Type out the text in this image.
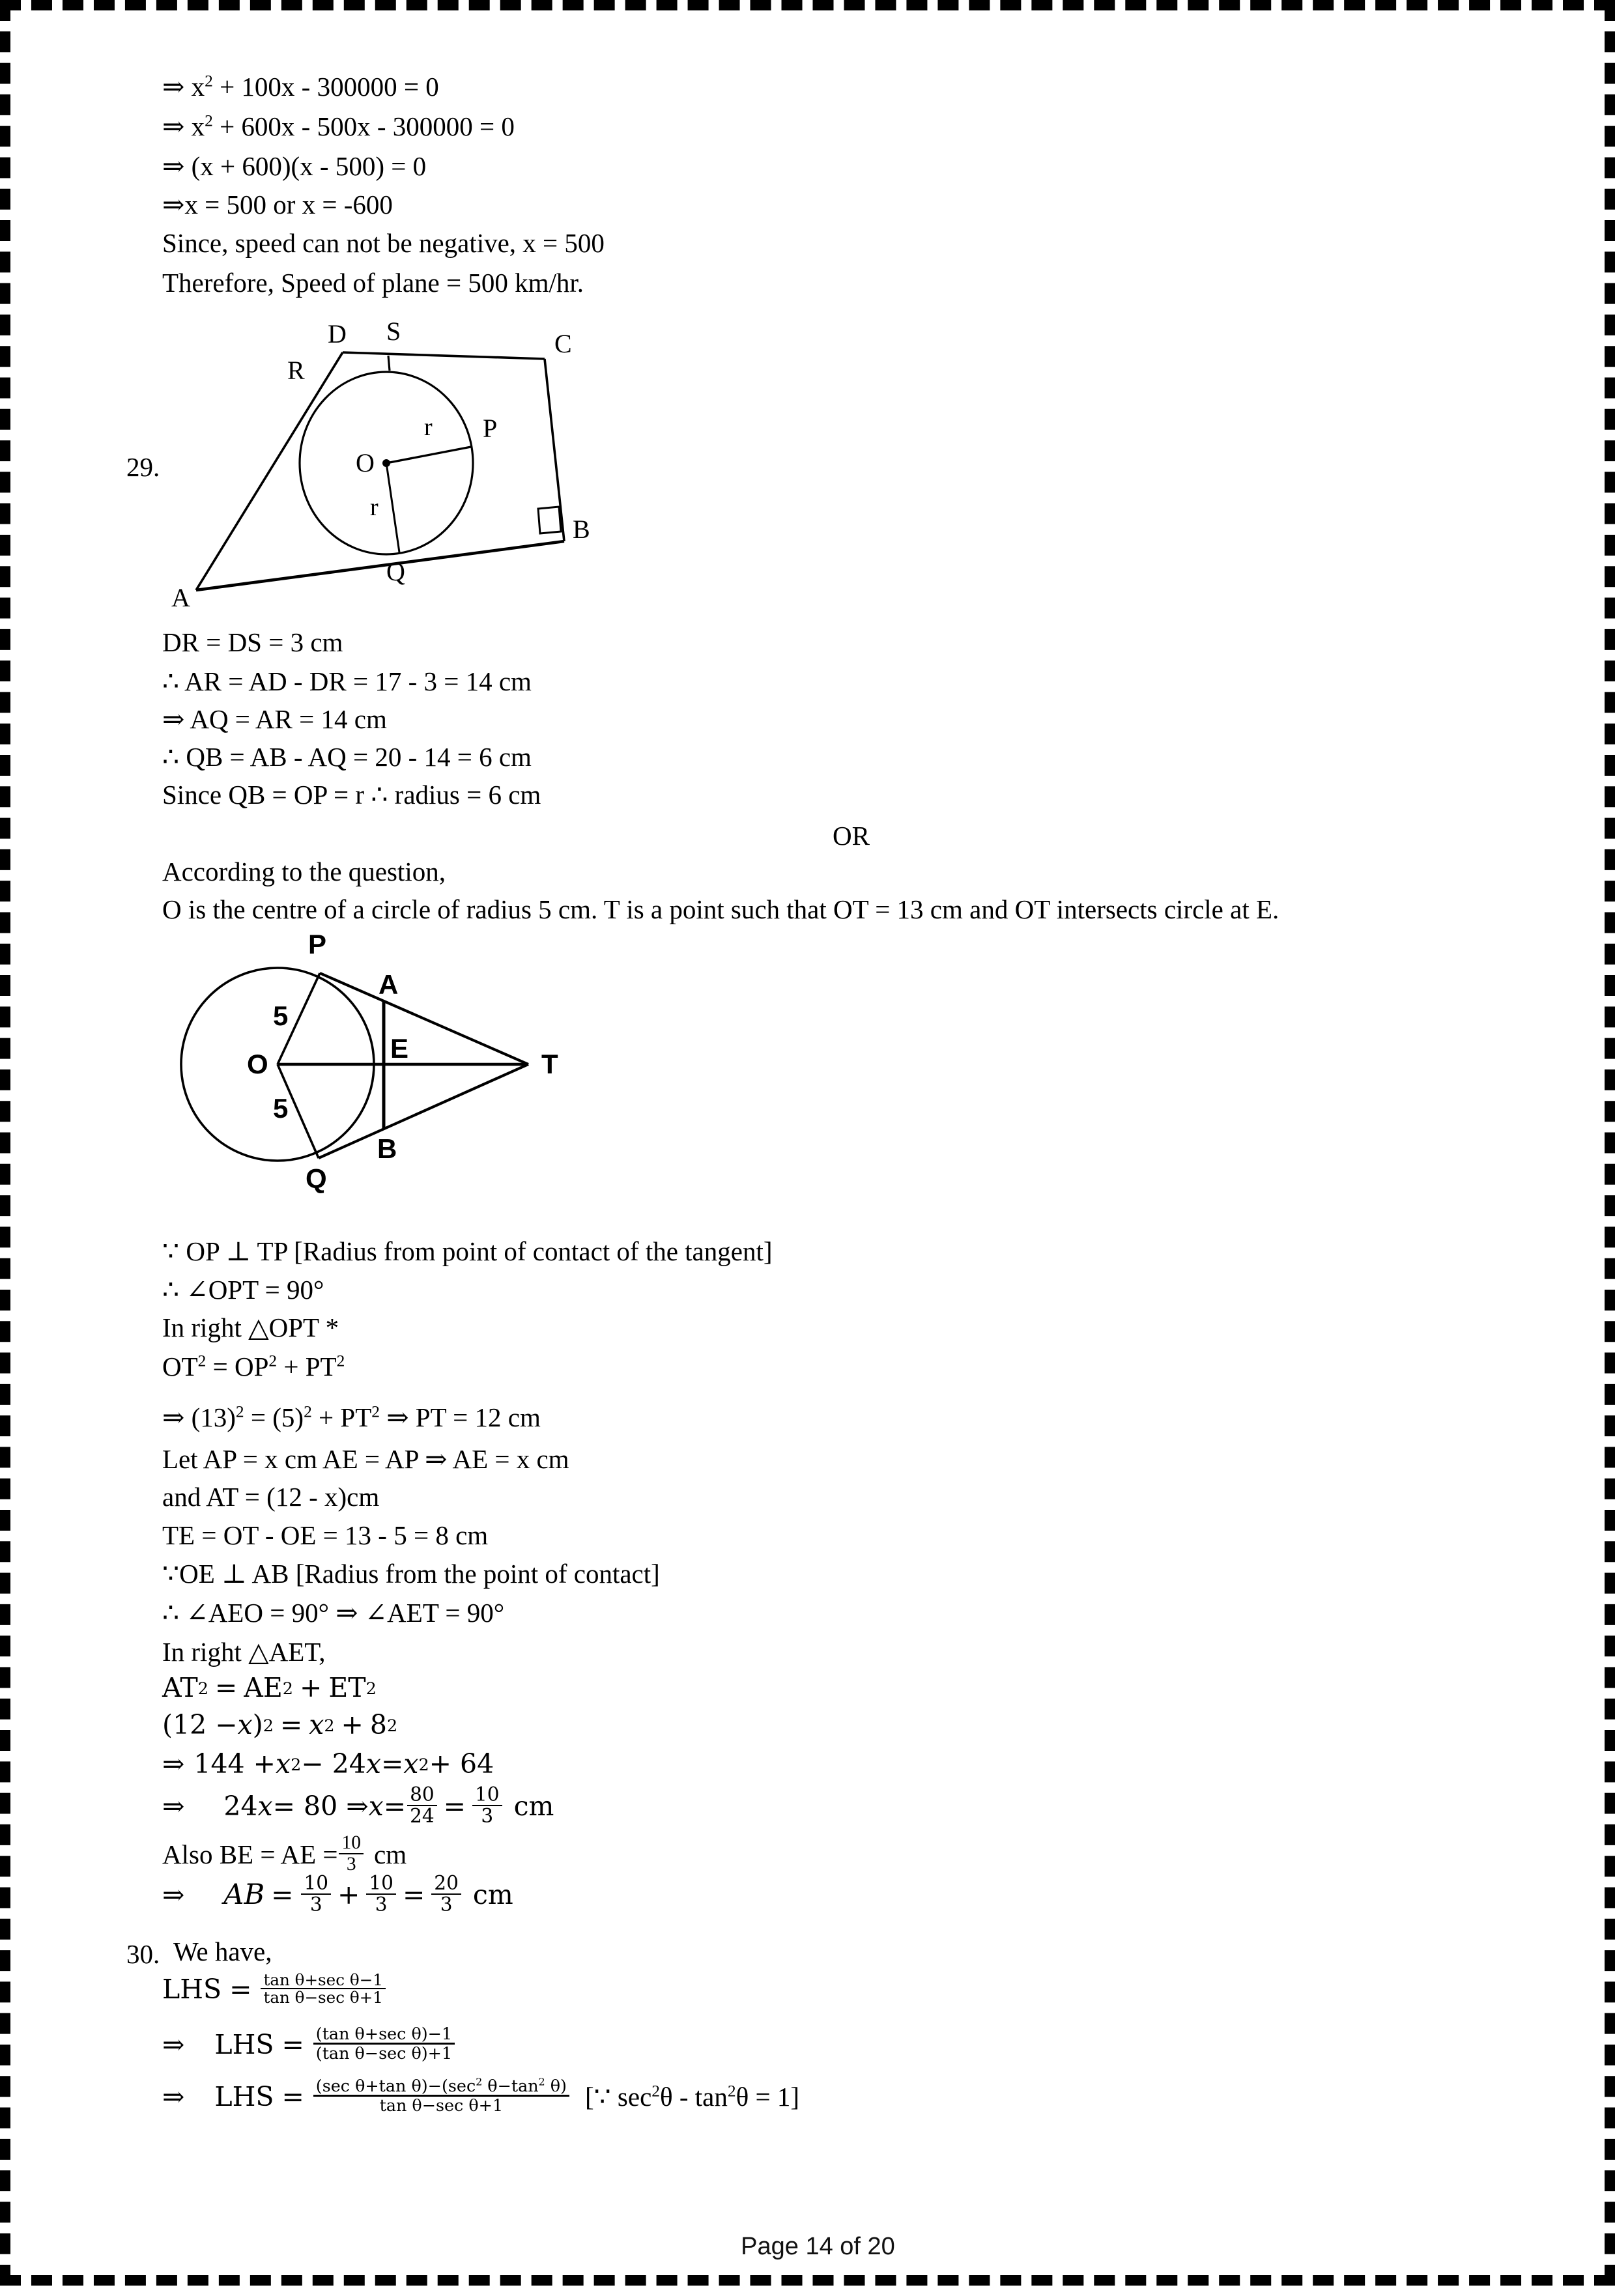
⇒ $x^2 + 100x - 300000 = 0$
⇒ $x^2 + 600x - 500x - 300000 = 0$
⇒ (x + 600)(x - 500) = 0
⇒x = 500 or x = -600
Since, speed can not be negative, x = 500
Therefore, Speed of plane = 500 km/hr.
29.
D S	C
R
P
O
r
r
B
Q
A
DR = DS = 3 cm
∴ AR = AD - DR = 17 - 3 = 14 cm
⇒ AQ = AR = 14 cm
∴ QB = AB - AQ = 20 - 14 = 6 cm
Since QB = OP = r ∴ radius = 6 cm
OR
According to the question,
O is the centre of a circle of radius 5 cm. T is a point such that OT = 13 cm and OT intersects circle at E.
P
A
5
O
E
T
5
B
Q
∵ OP ⊥ TP [Radius from point of contact of the tangent]
∴ ∠OPT = 90°
In right △OPT *
$OT^2 = OP^2 + PT^2$
⇒ $(13)^2 = (5)^2 + PT^2$ ⇒ PT = 12 cm
Let AP = x cm AE = AP ⇒ AE = x cm
and AT = (12 - x)cm
TE = OT - OE = 13 - 5 = 8 cm
∵OE ⊥ AB [Radius from the point of contact]
∴ ∠AEO = 90° ⇒ ∠AET = 90°
In right △AET,
AT 2 = AE 2 + ET 2
(12 − x ) 2 = x 2 + 8 2
⇒ 144 + x 2 − 24 x = x 2 + 64
⇒ 24 x = 80 ⇒ $x = \frac{80}{24} = \frac{10}{3}$ cm
Also BE = AE = $\frac{10}{3}$ cm
⇒ AB = $\frac{10}{3} + \frac{10}{3} = \frac{20}{3}$ cm
30. We have,
LHS = $\frac{\text{tan θ+sec θ−1}}{\text{tan θ−sec θ+1}}$
⇒ LHS = $\frac{\text{(tan θ+sec θ)−1}}{\text{(tan θ−sec θ)+1}}$
⇒ LHS = $\frac{(\sec \theta+\tan \theta)-(\sec^2 \theta-\tan^2 \theta)}{\text{tan θ−sec θ+1}}$ [∵ $\sec^2\theta - \tan^2\theta = 1$]
Page 14 of 20
